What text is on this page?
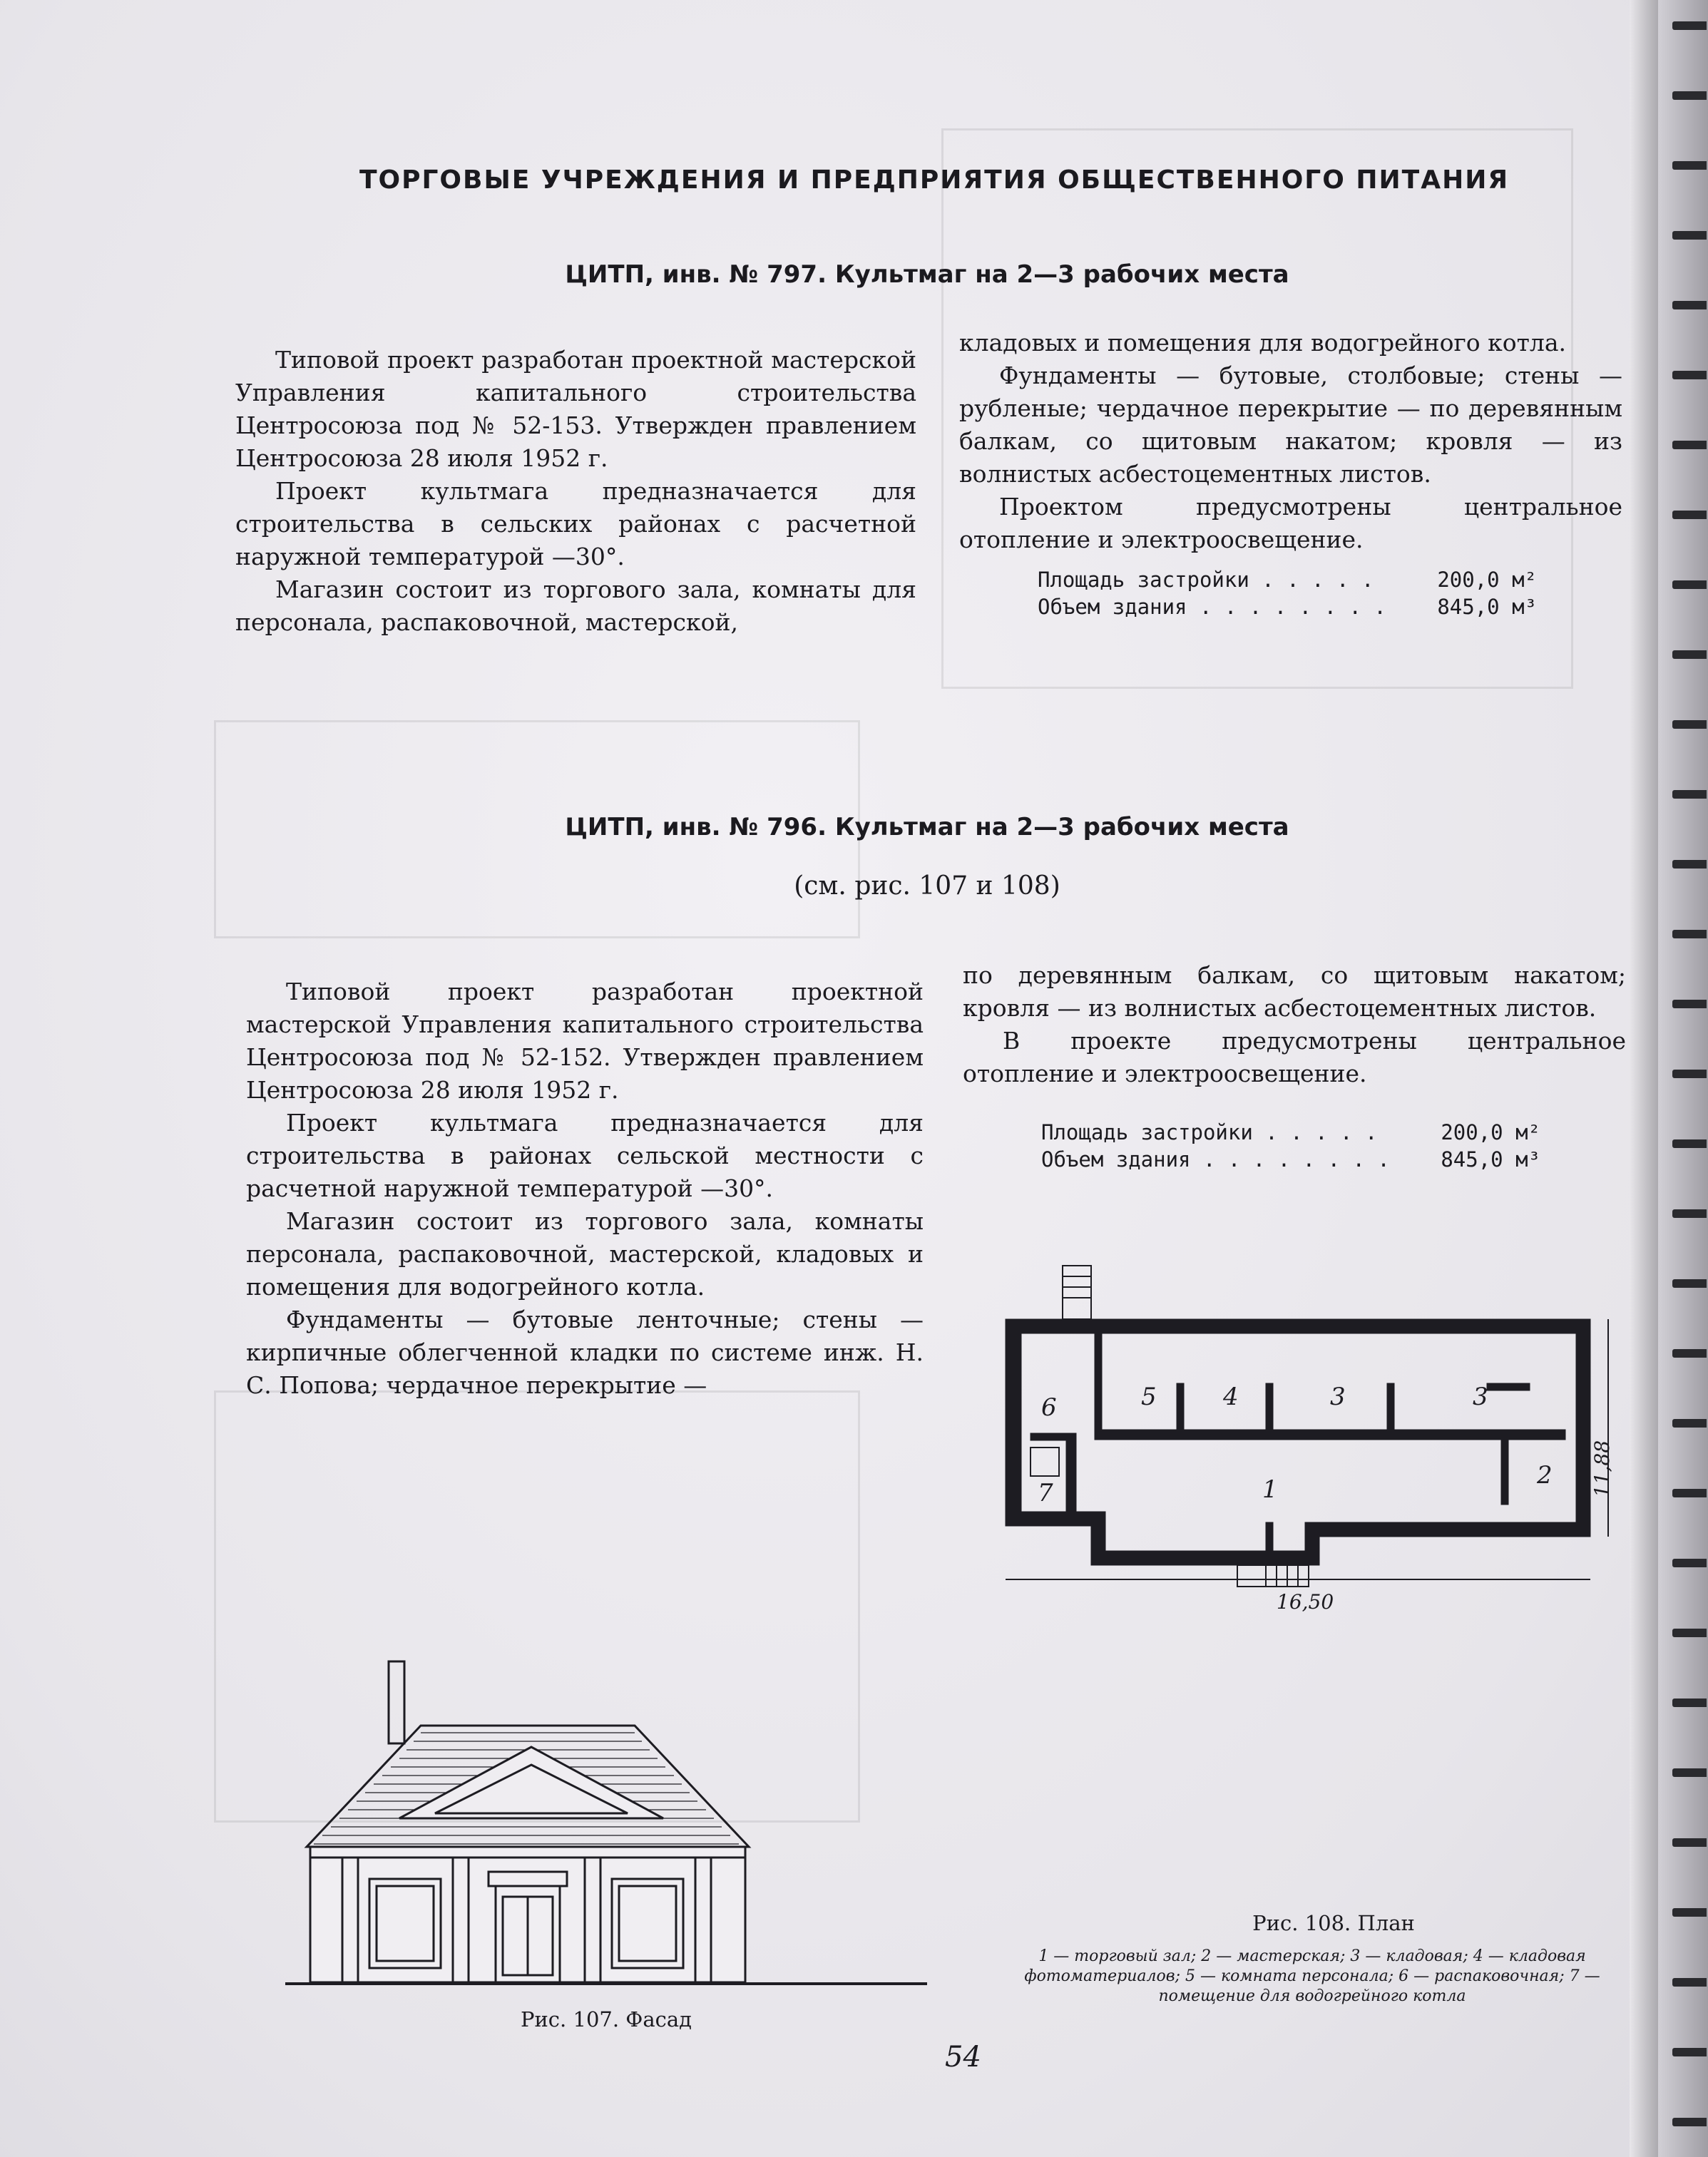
ТОРГОВЫЕ УЧРЕЖДЕНИЯ И ПРЕДПРИЯТИЯ ОБЩЕСТВЕННОГО ПИТАНИЯ
ЦИТП, инв. № 797. Культмаг на 2—3 рабочих места

Типовой проект разработан проектной мастерской Управления капитального строительства Центросоюза под № 52-153. Утвержден правлением Центросоюза 28 июля 1952 г.

Проект культмага предназначается для строительства в сельских районах с расчетной наружной температурой —30°.

Магазин состоит из торгового зала, комнаты для персонала, распаковочной, мастерской,

кладовых и помещения для водогрейного котла.

Фундаменты — бутовые, столбовые; стены — рубленые; чердачное перекрытие — по деревянным балкам, со щитовым накатом; кровля — из волнистых асбестоцементных листов.

Проектом предусмотрены центральное отопление и электроосвещение.

Площадь застройки . . . . .	200,0 м²
Объем здания . . . . . . . . 845,0 м³
ЦИТП, инв. № 796. Культмаг на 2—3 рабочих места
(см. рис. 107 и 108)

Типовой проект разработан проектной мастерской Управления капитального строительства Центросоюза под № 52-152. Утвержден правлением Центросоюза 28 июля 1952 г.

Проект культмага предназначается для строительства в районах сельской местности с расчетной наружной температурой —30°.

Магазин состоит из торгового зала, комнаты персонала, распаковочной, мастерской, кладовых и помещения для водогрейного котла.

Фундаменты — бутовые ленточные; стены — кирпичные облегченной кладки по системе инж. Н. С. Попова; чердачное перекрытие —

по деревянным балкам, со щитовым накатом; кровля — из волнистых асбестоцементных листов.

В проекте предусмотрены центральное отопление и электроосвещение.

Площадь застройки . . . . .	200,0 м²
Объем здания . . . . . . . . 845,0 м³
Рис. 107. Фасад
1	2
3	3
4
5
6
7
16,50
11,88
Рис. 108. План
1 — торговый зал; 2 — мастерская; 3 — кладовая; 4 — кладовая фотоматериалов; 5 — комната персонала; 6 — распаковочная; 7 — помещение для водогрейного котла
54
